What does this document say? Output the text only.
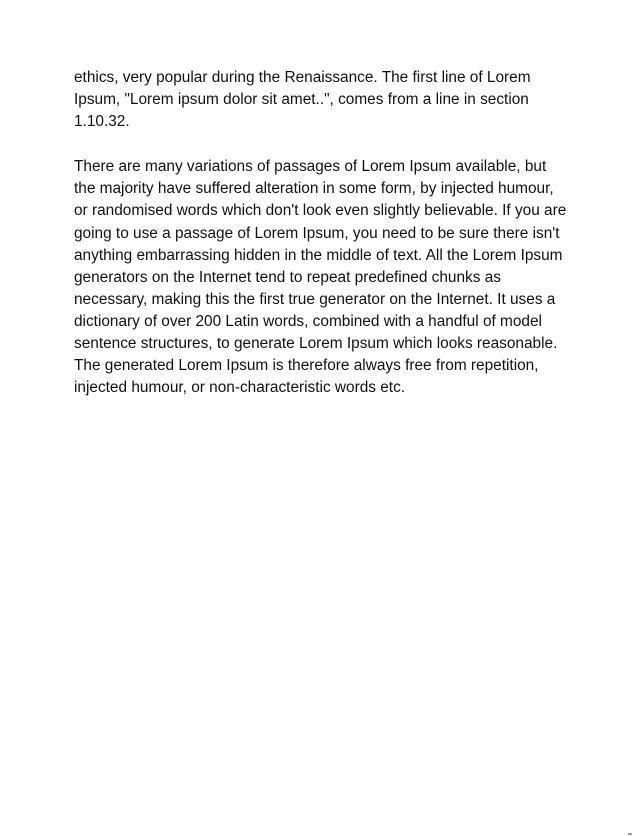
ethics, very popular during the Renaissance. The first line of Lorem
Ipsum, "Lorem ipsum dolor sit amet..", comes from a line in section
1.10.32.

There are many variations of passages of Lorem Ipsum available, but
the majority have suffered alteration in some form, by injected humour,
or randomised words which don't look even slightly believable. If you are
going to use a passage of Lorem Ipsum, you need to be sure there isn't
anything embarrassing hidden in the middle of text. All the Lorem Ipsum
generators on the Internet tend to repeat predefined chunks as
necessary, making this the first true generator on the Internet. It uses a
dictionary of over 200 Latin words, combined with a handful of model
sentence structures, to generate Lorem Ipsum which looks reasonable.
The generated Lorem Ipsum is therefore always free from repetition,
injected humour, or non-characteristic words etc.
